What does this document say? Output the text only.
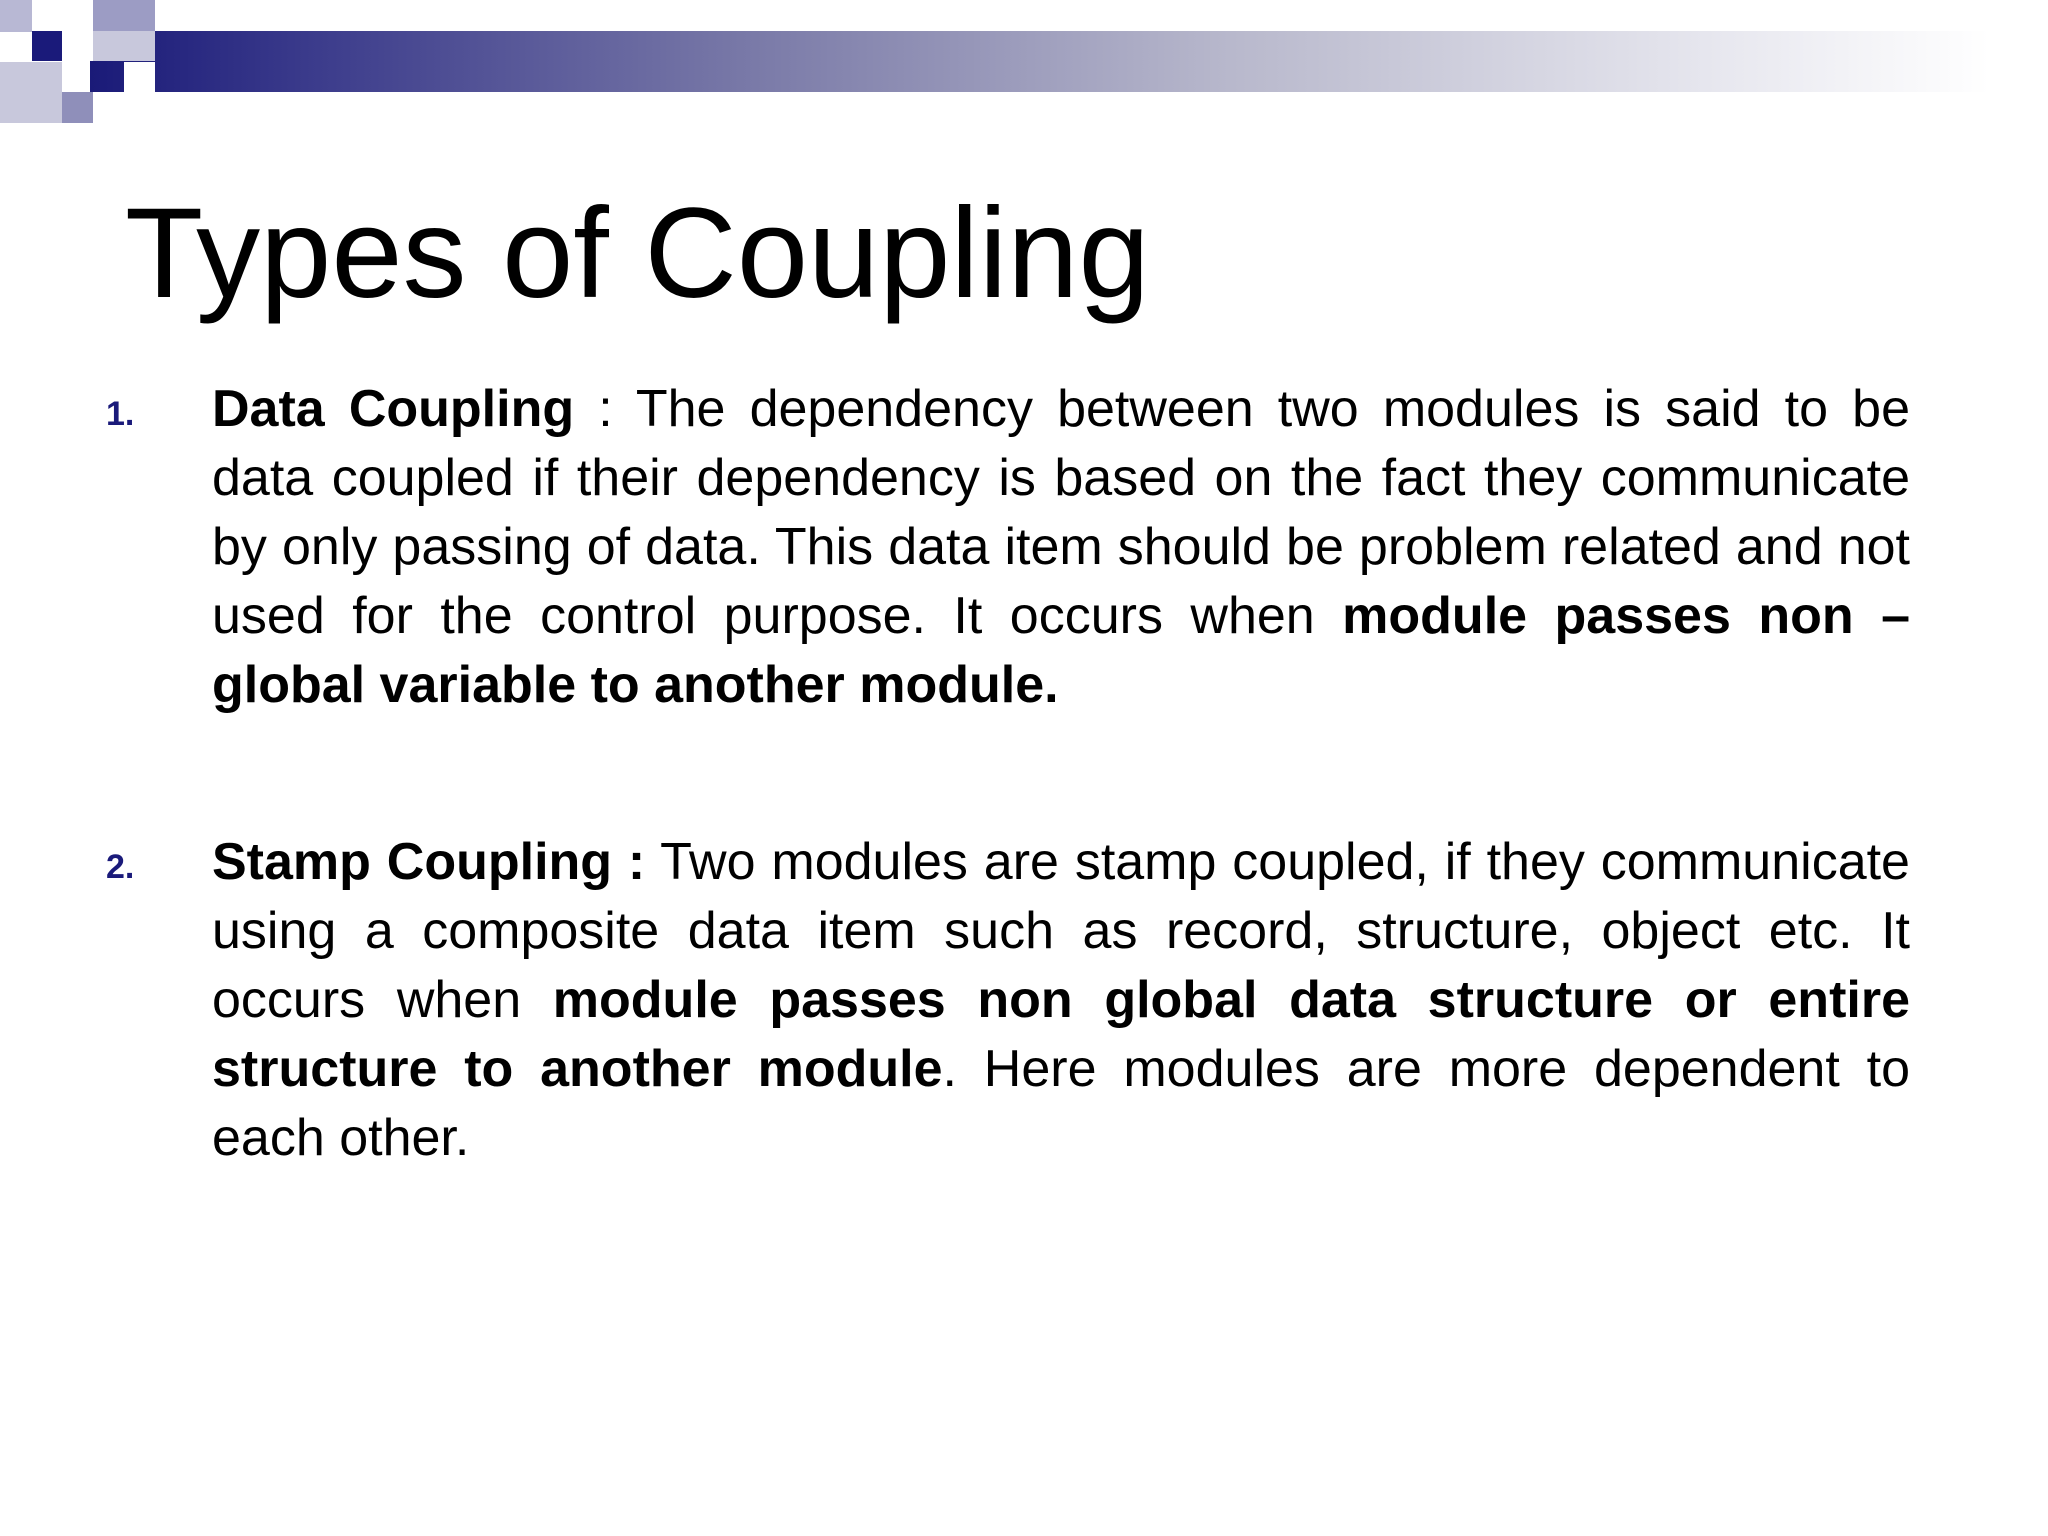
Types of Coupling
1. Data Coupling : The dependency between two modules is said to be data coupled if their dependency is based on the fact they communicate by only passing of data. This data item should be problem related and not used for the control purpose. It occurs when module passes non – global variable to another module.

2. Stamp Coupling : Two modules are stamp coupled, if they communicate using a composite data item such as record, structure, object etc. It occurs when module passes non global data structure or entire structure to another module. Here modules are more dependent to each other.
